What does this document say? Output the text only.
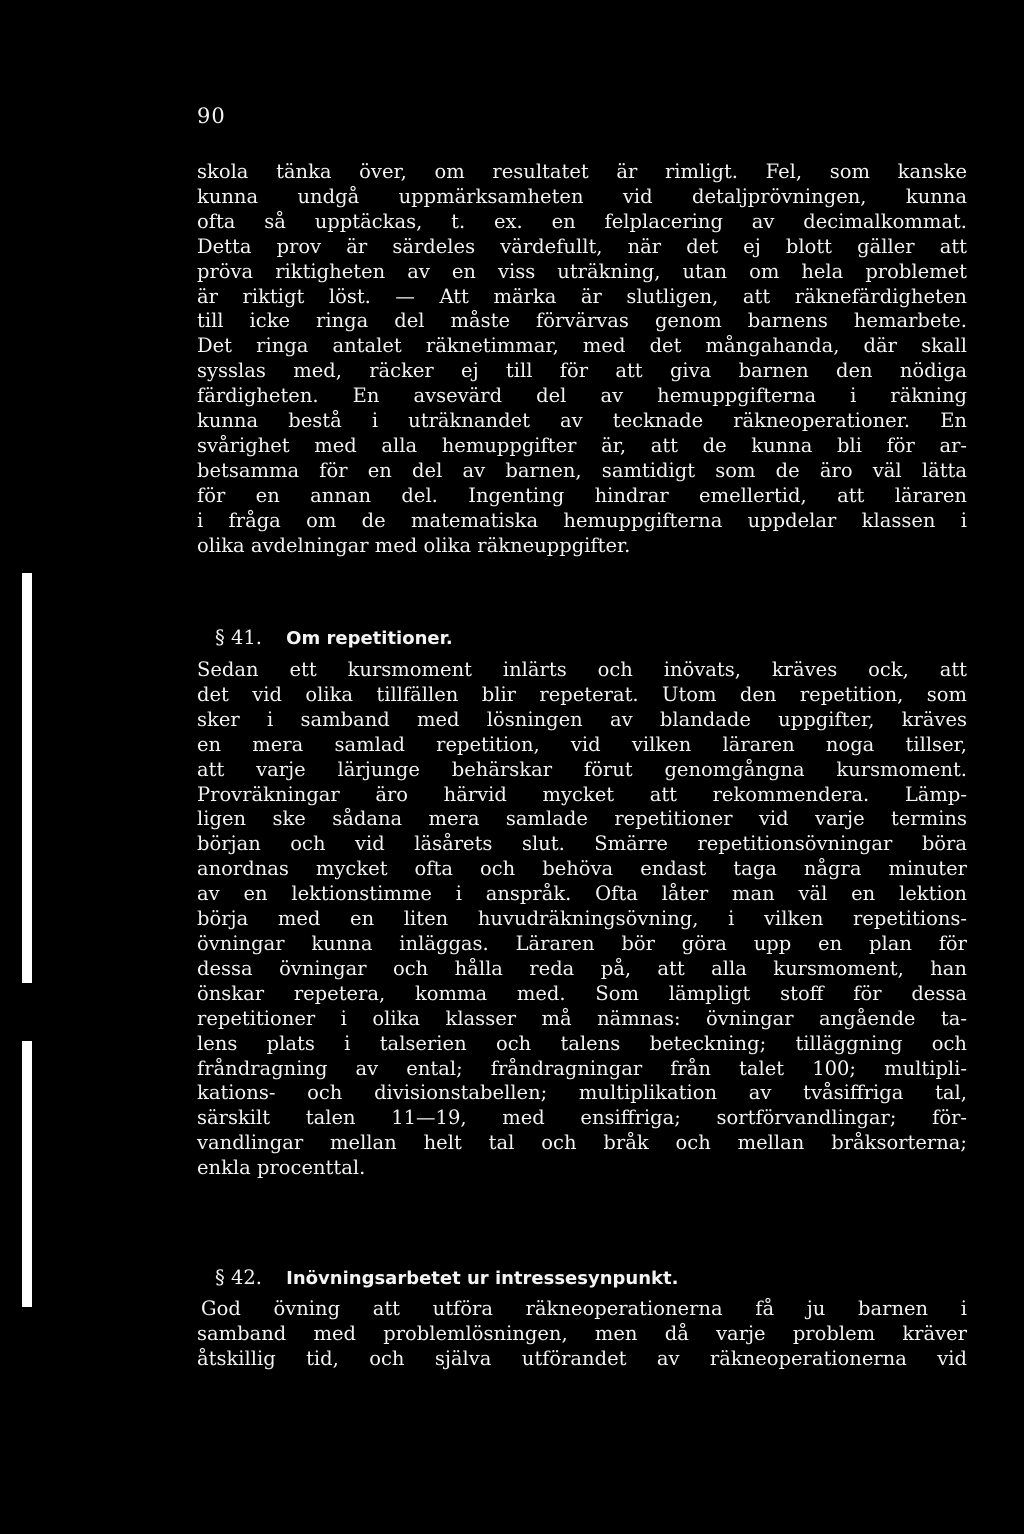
90
skola tänka över, om resultatet är rimligt. Fel, som kanske
kunna undgå uppmärksamheten vid detaljprövningen, kunna
ofta så upptäckas, t. ex. en felplacering av decimalkommat.
Detta prov är särdeles värdefullt, när det ej blott gäller att
pröva riktigheten av en viss uträkning, utan om hela problemet
är riktigt löst. — Att märka är slutligen, att räknefärdigheten
till icke ringa del måste förvärvas genom barnens hemarbete.
Det ringa antalet räknetimmar, med det mångahanda, där skall
sysslas med, räcker ej till för att giva barnen den nödiga
färdigheten. En avsevärd del av hemuppgifterna i räkning
kunna bestå i uträknandet av tecknade räkneoperationer. En
svårighet med alla hemuppgifter är, att de kunna bli för ar-
betsamma för en del av barnen, samtidigt som de äro väl lätta
för en annan del. Ingenting hindrar emellertid, att läraren
i fråga om de matematiska hemuppgifterna uppdelar klassen i
olika avdelningar med olika räkneuppgifter.
§ 41. Om repetitioner.
Sedan ett kursmoment inlärts och inövats, kräves ock, att
det vid olika tillfällen blir repeterat. Utom den repetition, som
sker i samband med lösningen av blandade uppgifter, kräves
en mera samlad repetition, vid vilken läraren noga tillser,
att varje lärjunge behärskar förut genomgångna kursmoment.
Provräkningar äro härvid mycket att rekommendera. Lämp-
ligen ske sådana mera samlade repetitioner vid varje termins
början och vid läsårets slut. Smärre repetitionsövningar böra
anordnas mycket ofta och behöva endast taga några minuter
av en lektionstimme i anspråk. Ofta låter man väl en lektion
börja med en liten huvudräkningsövning, i vilken repetitions-
övningar kunna inläggas. Läraren bör göra upp en plan för
dessa övningar och hålla reda på, att alla kursmoment, han
önskar repetera, komma med. Som lämpligt stoff för dessa
repetitioner i olika klasser må nämnas: övningar angående ta-
lens plats i talserien och talens beteckning; tilläggning och
fråndragning av ental; fråndragningar från talet 100; multipli-
kations- och divisionstabellen; multiplikation av tvåsiffriga tal,
särskilt talen 11—19, med ensiffriga; sortförvandlingar; för-
vandlingar mellan helt tal och bråk och mellan bråksorterna;
enkla procenttal.
§ 42. Inövningsarbetet ur intressesynpunkt.
God övning att utföra räkneoperationerna få ju barnen i
samband med problemlösningen, men då varje problem kräver
åtskillig tid, och själva utförandet av räkneoperationerna vid
